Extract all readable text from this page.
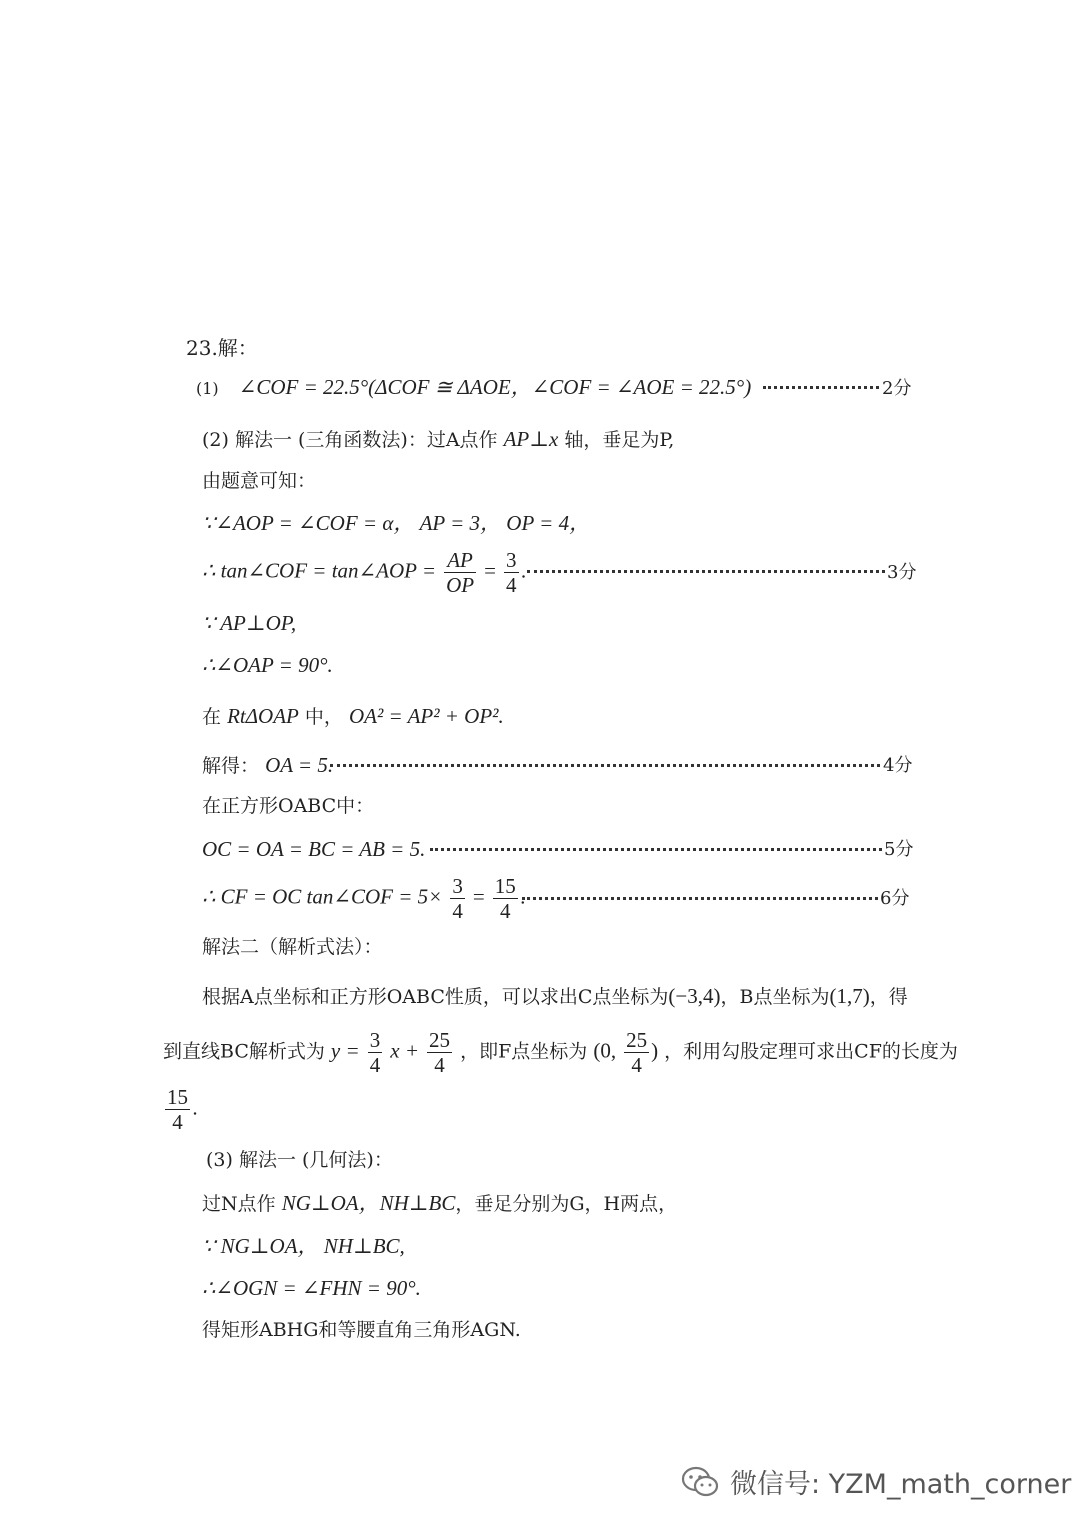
23.解：
(1) ∠COF = 22.5°(ΔCOF ≅ ΔAOE，∠COF = ∠AOE = 22.5°)	2分
(2) 解法一 (三角函数法)：过A点作 AP⊥x 轴，垂足为P,
由题意可知：
∵∠AOP = ∠COF = α， AP = 3， OP = 4，
∴ tan∠COF = tan∠AOP = $\frac{AP}{OP} = \frac{3}{4}$ .	3分
∵ AP⊥OP,
∴∠OAP = 90°.
在 RtΔOAP 中， OA² = AP² + OP².
解得： OA = 5.	4分
在正方形OABC中：
OC = OA = BC = AB = 5.	5分
∴ CF = OC tan∠COF = $5\times \frac{3}{4} = \frac{15}{4}$ .	6分
解法二（解析式法）：
根据A点坐标和正方形OABC性质，可以求出C点坐标为(−3,4)，B点坐标为(1,7)，得
到直线BC解析式为 $y = \frac{3}{4}$ $x + \frac{25}{4}$ ，即F点坐标为 (0, $\frac{25}{4}$ ) ，利用勾股定理可求出CF的长度为
$\frac{15}{4}$ .
(3) 解法一 (几何法)：
过N点作 NG⊥OA，NH⊥BC，垂足分别为G，H两点，
∵ NG⊥OA， NH⊥BC,
∴∠OGN = ∠FHN = 90°.
得矩形ABHG和等腰直角三角形AGN.
微信号: YZM_math_corner
